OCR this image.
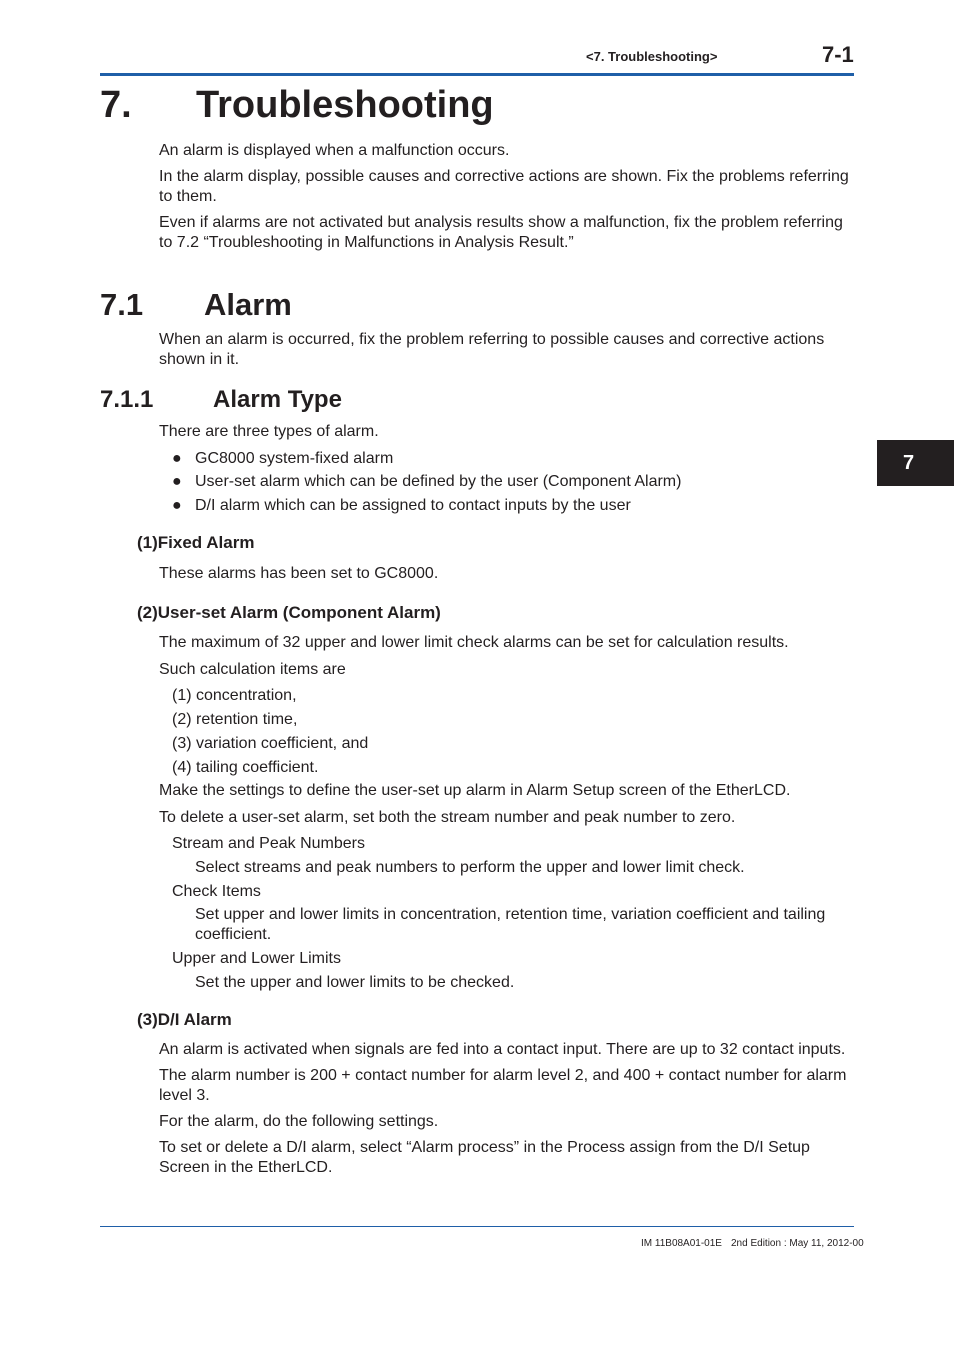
<7. Troubleshooting>	7-1
7. Troubleshooting
An alarm is displayed when a malfunction occurs.
In the alarm display, possible causes and corrective actions are shown. Fix the problems referring to them.
Even if alarms are not activated but analysis results show a malfunction, fix the problem referring to 7.2 “Troubleshooting in Malfunctions in Analysis Result.”
7.1 Alarm
When an alarm is occurred, fix the problem referring to possible causes and corrective actions shown in it.
7.1.1 Alarm Type
There are three types of alarm.
● GC8000 system-fixed alarm
● User-set alarm which can be defined by the user (Component Alarm)
● D/I alarm which can be assigned to contact inputs by the user
(1)Fixed Alarm
These alarms has been set to GC8000.
(2)User-set Alarm (Component Alarm)
The maximum of 32 upper and lower limit check alarms can be set for calculation results.
Such calculation items are
(1) concentration,
(2) retention time,
(3) variation coefficient, and
(4) tailing coefficient.
Make the settings to define the user-set up alarm in Alarm Setup screen of the EtherLCD.
To delete a user-set alarm, set both the stream number and peak number to zero.
Stream and Peak Numbers
Select streams and peak numbers to perform the upper and lower limit check.
Check Items
Set upper and lower limits in concentration, retention time, variation coefficient and tailing coefficient.
Upper and Lower Limits
Set the upper and lower limits to be checked.
(3)D/I Alarm
An alarm is activated when signals are fed into a contact input. There are up to 32 contact inputs.
The alarm number is 200 + contact number for alarm level 2, and 400 + contact number for alarm level 3.
For the alarm, do the following settings.
To set or delete a D/I alarm, select “Alarm process” in the Process assign from the D/I Setup Screen in the EtherLCD.
7
IM 11B08A01-01E 2nd Edition : May 11, 2012-00
